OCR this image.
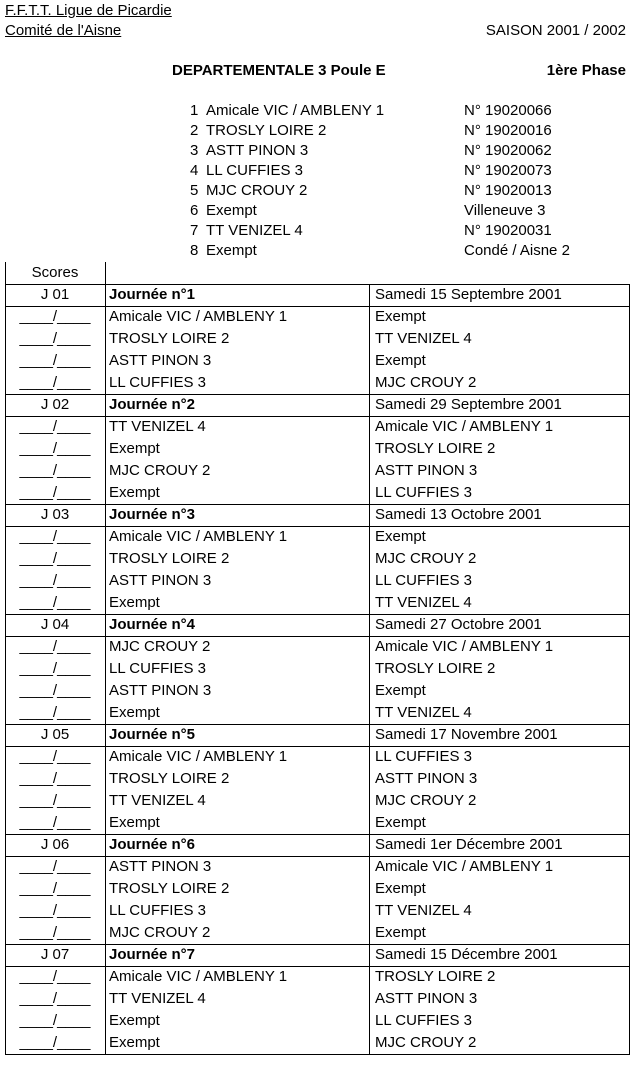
F.F.T.T. Ligue de Picardie
Comité de l'Aisne	SAISON 2001 / 2002
DEPARTEMENTALE 3 Poule E	1ère Phase
1 Amicale VIC / AMBLENY 1	N° 19020066
2 TROSLY LOIRE 2	N° 19020016
3 ASTT PINON 3	N° 19020062
4 LL CUFFIES 3	N° 19020073
5 MJC CROUY 2	N° 19020013
6 Exempt	Villeneuve 3
7 TT VENIZEL 4	N° 19020031
8 Exempt	Condé / Aisne 2
Scores
J 01	Journée n°1	Samedi 15 Septembre 2001
____/____	Amicale VIC / AMBLENY 1	Exempt
____/____	TROSLY LOIRE 2	TT VENIZEL 4
____/____	ASTT PINON 3	Exempt
____/____	LL CUFFIES 3	MJC CROUY 2
J 02	Journée n°2	Samedi 29 Septembre 2001
____/____	TT VENIZEL 4	Amicale VIC / AMBLENY 1
____/____	Exempt	TROSLY LOIRE 2
____/____	MJC CROUY 2	ASTT PINON 3
____/____	Exempt	LL CUFFIES 3
J 03	Journée n°3	Samedi 13 Octobre 2001
____/____	Amicale VIC / AMBLENY 1	Exempt
____/____	TROSLY LOIRE 2	MJC CROUY 2
____/____	ASTT PINON 3	LL CUFFIES 3
____/____	Exempt	TT VENIZEL 4
J 04	Journée n°4	Samedi 27 Octobre 2001
____/____	MJC CROUY 2	Amicale VIC / AMBLENY 1
____/____	LL CUFFIES 3	TROSLY LOIRE 2
____/____	ASTT PINON 3	Exempt
____/____	Exempt	TT VENIZEL 4
J 05	Journée n°5	Samedi 17 Novembre 2001
____/____	Amicale VIC / AMBLENY 1	LL CUFFIES 3
____/____	TROSLY LOIRE 2	ASTT PINON 3
____/____	TT VENIZEL 4	MJC CROUY 2
____/____	Exempt	Exempt
J 06	Journée n°6	Samedi 1er Décembre 2001
____/____	ASTT PINON 3	Amicale VIC / AMBLENY 1
____/____	TROSLY LOIRE 2	Exempt
____/____	LL CUFFIES 3	TT VENIZEL 4
____/____	MJC CROUY 2	Exempt
J 07	Journée n°7	Samedi 15 Décembre 2001
____/____	Amicale VIC / AMBLENY 1	TROSLY LOIRE 2
____/____	TT VENIZEL 4	ASTT PINON 3
____/____	Exempt	LL CUFFIES 3
____/____	Exempt	MJC CROUY 2
